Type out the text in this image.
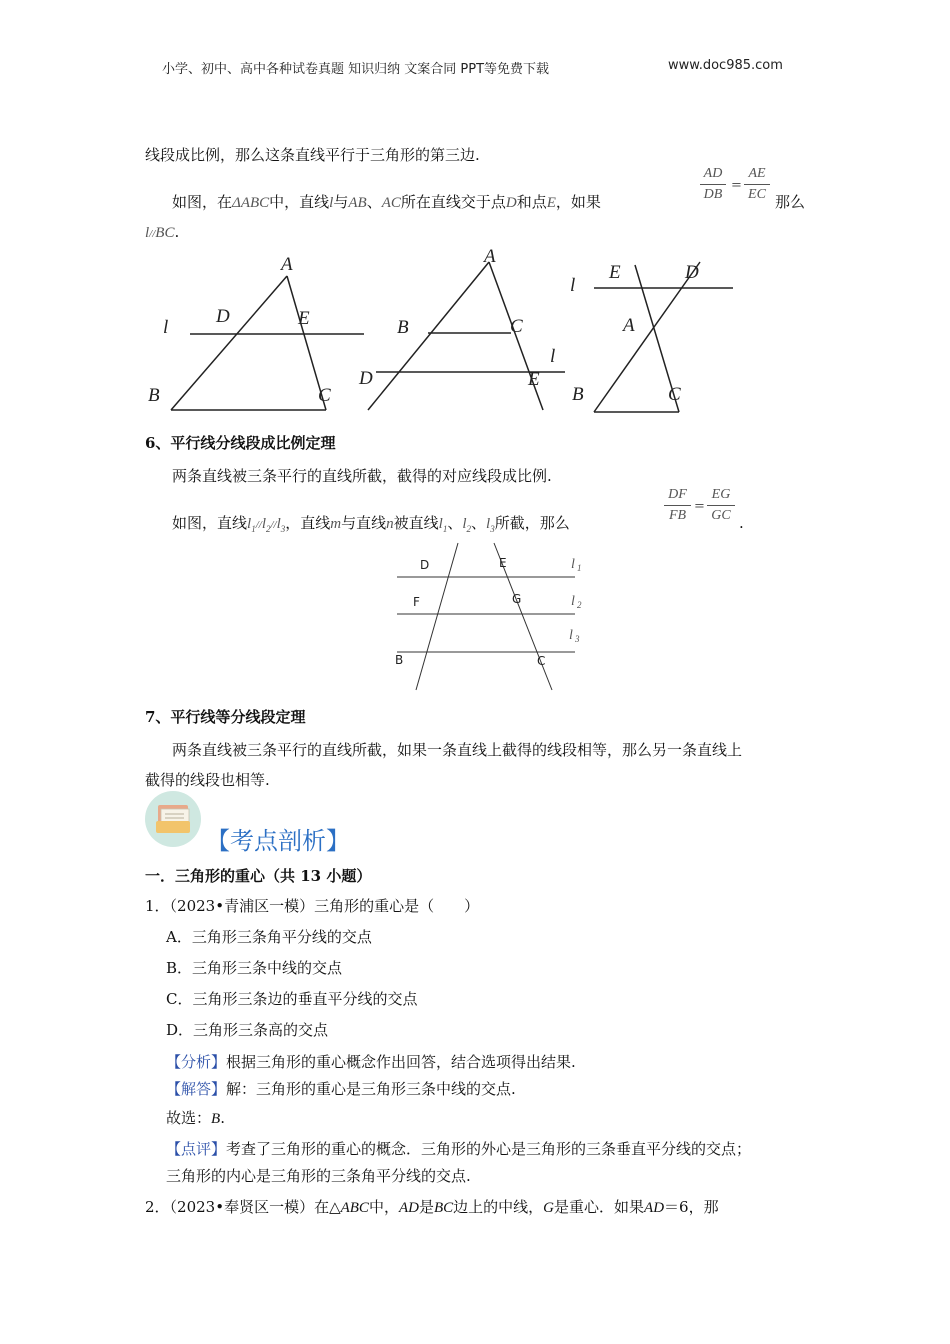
小学、初中、高中各种试卷真题 知识归纳 文案合同 PPT等免费下载	www.doc985.com
线段成比例，那么这条直线平行于三角形的第三边.
如图，在ΔABC中，直线l与AB、AC所在直线交于点D和点E，如果
AD
DB
=
AE
EC 那么
l//BC.
A
D	E
l
B	C
A
B	C
l
D	E
l
E	D
A
B	C
6、平行线分线段成比例定理
两条直线被三条平行的直线所截，截得的对应线段成比例.
如图，直线$l_1//l_2//l_3$，直线m与直线n被直线$l_1$、$l_2$、$l_3$所截，那么
DF
FB
=
EG
GC .
D	E
F	G
B	C
l 1
l 2
l 3
7、平行线等分线段定理
两条直线被三条平行的直线所截，如果一条直线上截得的线段相等，那么另一条直线上
截得的线段也相等.
【考点剖析】
一．三角形的重心（共 13 小题）
1．（2023•青浦区一模）三角形的重心是（　　）
A．三角形三条角平分线的交点
B．三角形三条中线的交点
C．三角形三条边的垂直平分线的交点
D．三角形三条高的交点
【分析】根据三角形的重心概念作出回答，结合选项得出结果.
【解答】解：三角形的重心是三角形三条中线的交点.
故选：B.
【点评】考查了三角形的重心的概念．三角形的外心是三角形的三条垂直平分线的交点；
三角形的内心是三角形的三条角平分线的交点.
2．（2023•奉贤区一模）在△ABC中，AD是BC边上的中线，G是重心．如果AD＝6，那
